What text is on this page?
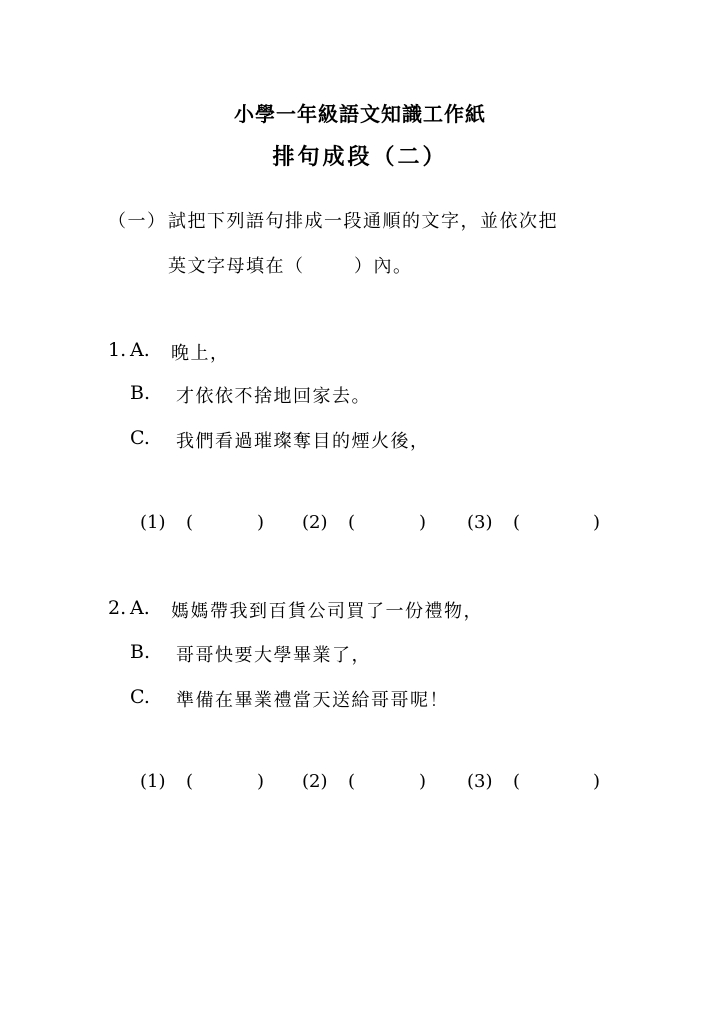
小學一年級語文知識工作紙
排句成段（二）
（一） 試把下列語句排成一段通順的文字，並依次把
英文字母填在（	）內。
1. A. 晚上，
B. 才依依不捨地回家去。
C. 我們看過璀璨奪目的煙火後，
(1) (	) (2) (	) (3) (	)
2. A. 媽媽帶我到百貨公司買了一份禮物，
B. 哥哥快要大學畢業了，
C. 準備在畢業禮當天送給哥哥呢！
(1) (	) (2) (	) (3) (	)
